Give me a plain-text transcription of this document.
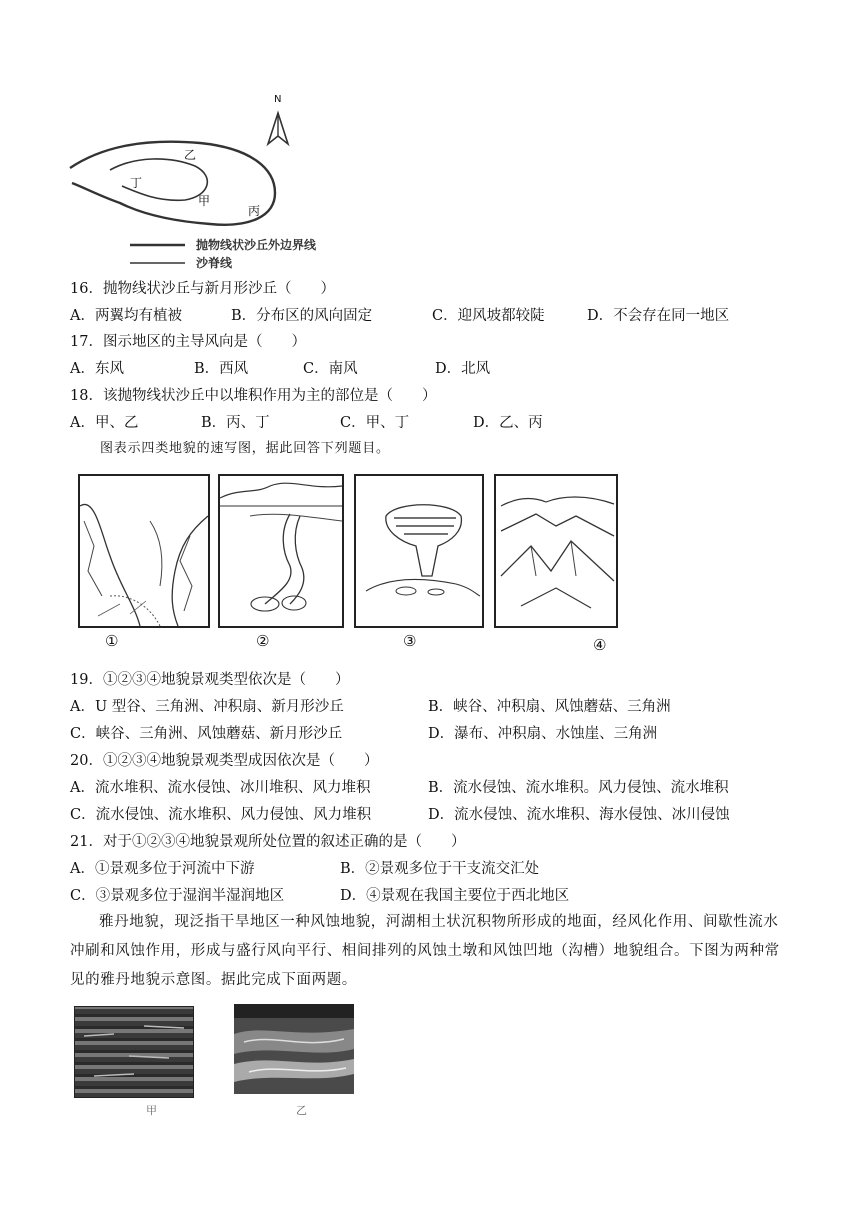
N
乙
丁
甲
丙
抛物线状沙丘外边界线
沙脊线
16．抛物线状沙丘与新月形沙丘（　　）
A．两翼均有植被	B．分布区的风向固定	C．迎风坡都较陡	D．不会存在同一地区
17．图示地区的主导风向是（　　）
A．东风	B．西风	C．南风	D．北风
18．该抛物线状沙丘中以堆积作用为主的部位是（　　）
A．甲、乙	B．丙、丁	C．甲、丁	D．乙、丙
图表示四类地貌的速写图，据此回答下列题目。
①	②	③	④
19．①②③④地貌景观类型依次是（　　）
A．U 型谷、三角洲、冲积扇、新月形沙丘	B．峡谷、冲积扇、风蚀蘑菇、三角洲
C．峡谷、三角洲、风蚀蘑菇、新月形沙丘	D．瀑布、冲积扇、水蚀崖、三角洲
20．①②③④地貌景观类型成因依次是（　　）
A．流水堆积、流水侵蚀、冰川堆积、风力堆积	B．流水侵蚀、流水堆积。风力侵蚀、流水堆积
C．流水侵蚀、流水堆积、风力侵蚀、风力堆积	D．流水侵蚀、流水堆积、海水侵蚀、冰川侵蚀
21．对于①②③④地貌景观所处位置的叙述正确的是（　　）
A．①景观多位于河流中下游	B．②景观多位于干支流交汇处
C．③景观多位于湿润半湿润地区	D．④景观在我国主要位于西北地区
雅丹地貌，现泛指干旱地区一种风蚀地貌，河湖相土状沉积物所形成的地面，经风化作用、间歇性流水冲刷和风蚀作用，形成与盛行风向平行、相间排列的风蚀土墩和风蚀凹地（沟槽）地貌组合。下图为两种常见的雅丹地貌示意图。据此完成下面两题。
甲	乙
